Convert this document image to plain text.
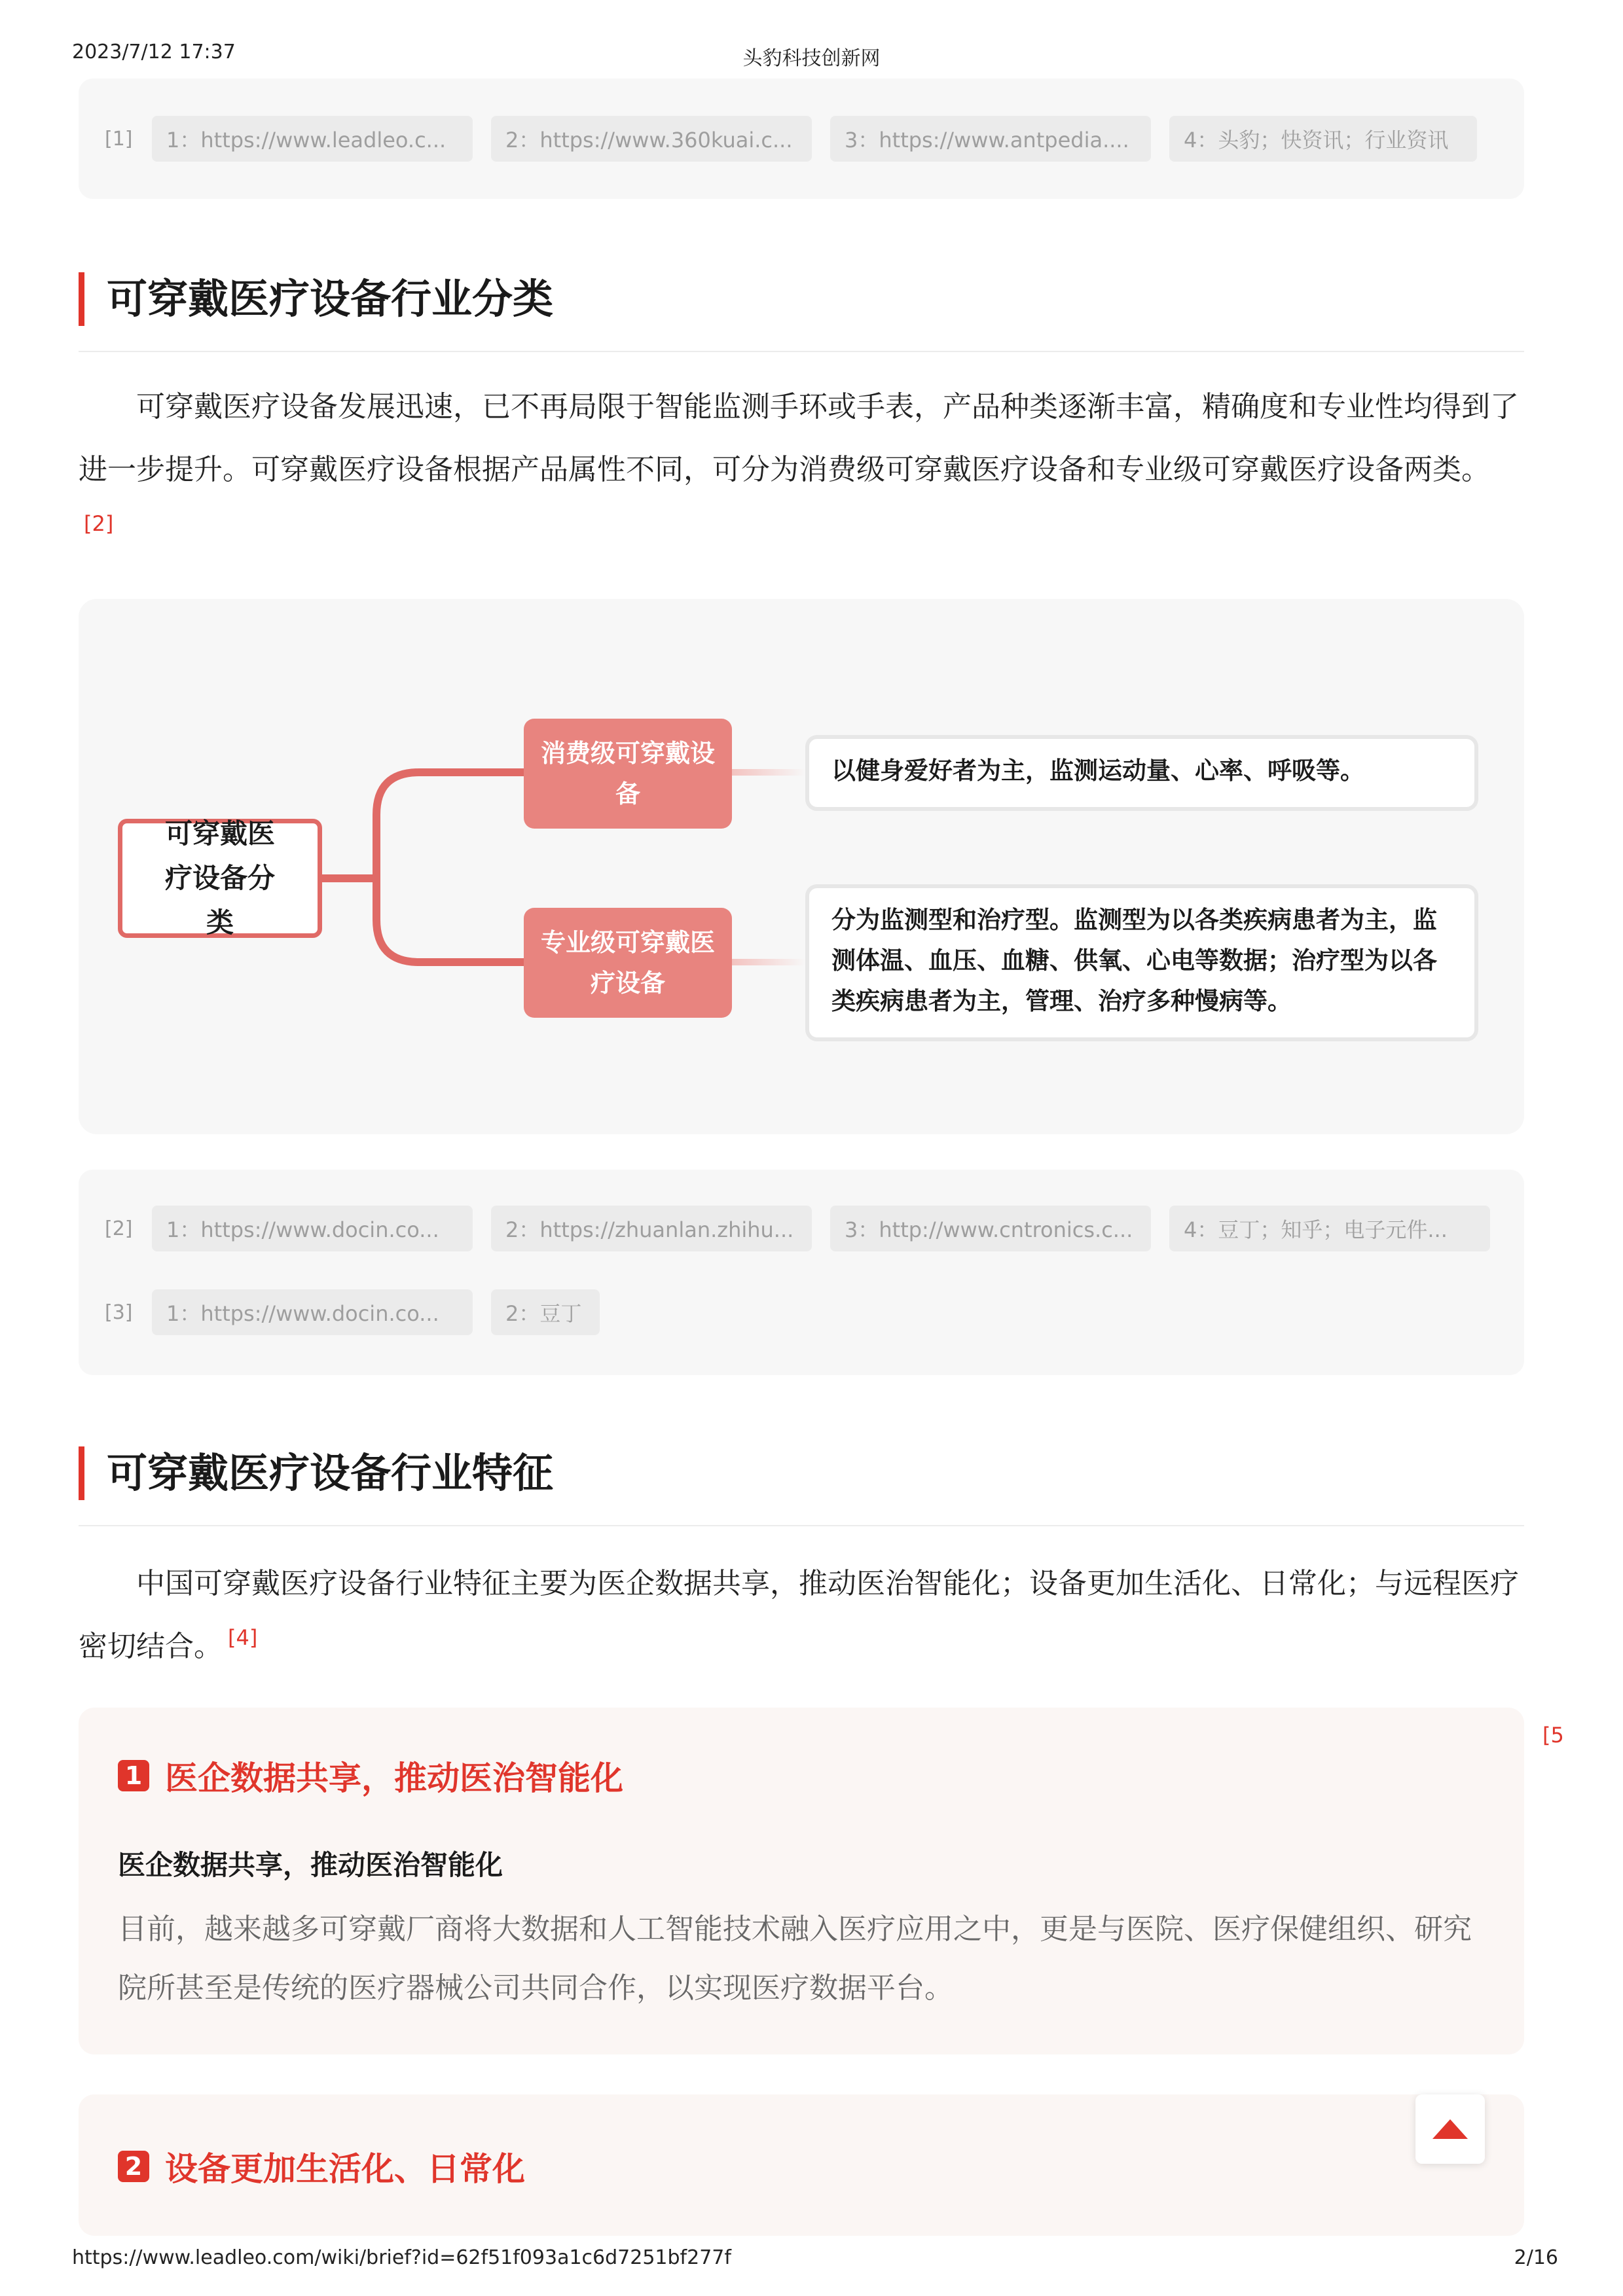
2023/7/12 17:37	头豹科技创新网
[1]	1：https://www.leadleo.c...	2：https://www.360kuai.c...	3：https://www.antpedia....	4：头豹；快资讯；行业资讯
可穿戴医疗设备行业分类
可穿戴医疗设备发展迅速，已不再局限于智能监测手环或手表，产品种类逐渐丰富，精确度和专业性均得到了进一步提升。可穿戴医疗设备根据产品属性不同，可分为消费级可穿戴医疗设备和专业级可穿戴医疗设备两类。[2]
可穿戴医疗设备分类
消费级可穿戴设备
专业级可穿戴医疗设备
以健身爱好者为主，监测运动量、心率、呼吸等。
分为监测型和治疗型。监测型为以各类疾病患者为主，监测体温、血压、血糖、供氧、心电等数据；治疗型为以各类疾病患者为主，管理、治疗多种慢病等。
[2]	1：https://www.docin.co...	2：https://zhuanlan.zhihu...	3：http://www.cntronics.c...	4：豆丁；知乎；电子元件...
[3]	1：https://www.docin.co...	2：豆丁
可穿戴医疗设备行业特征
中国可穿戴医疗设备行业特征主要为医企数据共享，推动医治智能化；设备更加生活化、日常化；与远程医疗密切结合。 [4]
1 医企数据共享，推动医治智能化
医企数据共享，推动医治智能化
目前，越来越多可穿戴厂商将大数据和人工智能技术融入医疗应用之中，更是与医院、医疗保健组织、研究院所甚至是传统的医疗器械公司共同合作，以实现医疗数据平台。
[5
2 设备更加生活化、日常化
https://www.leadleo.com/wiki/brief?id=62f51f093a1c6d7251bf277f	2/16
